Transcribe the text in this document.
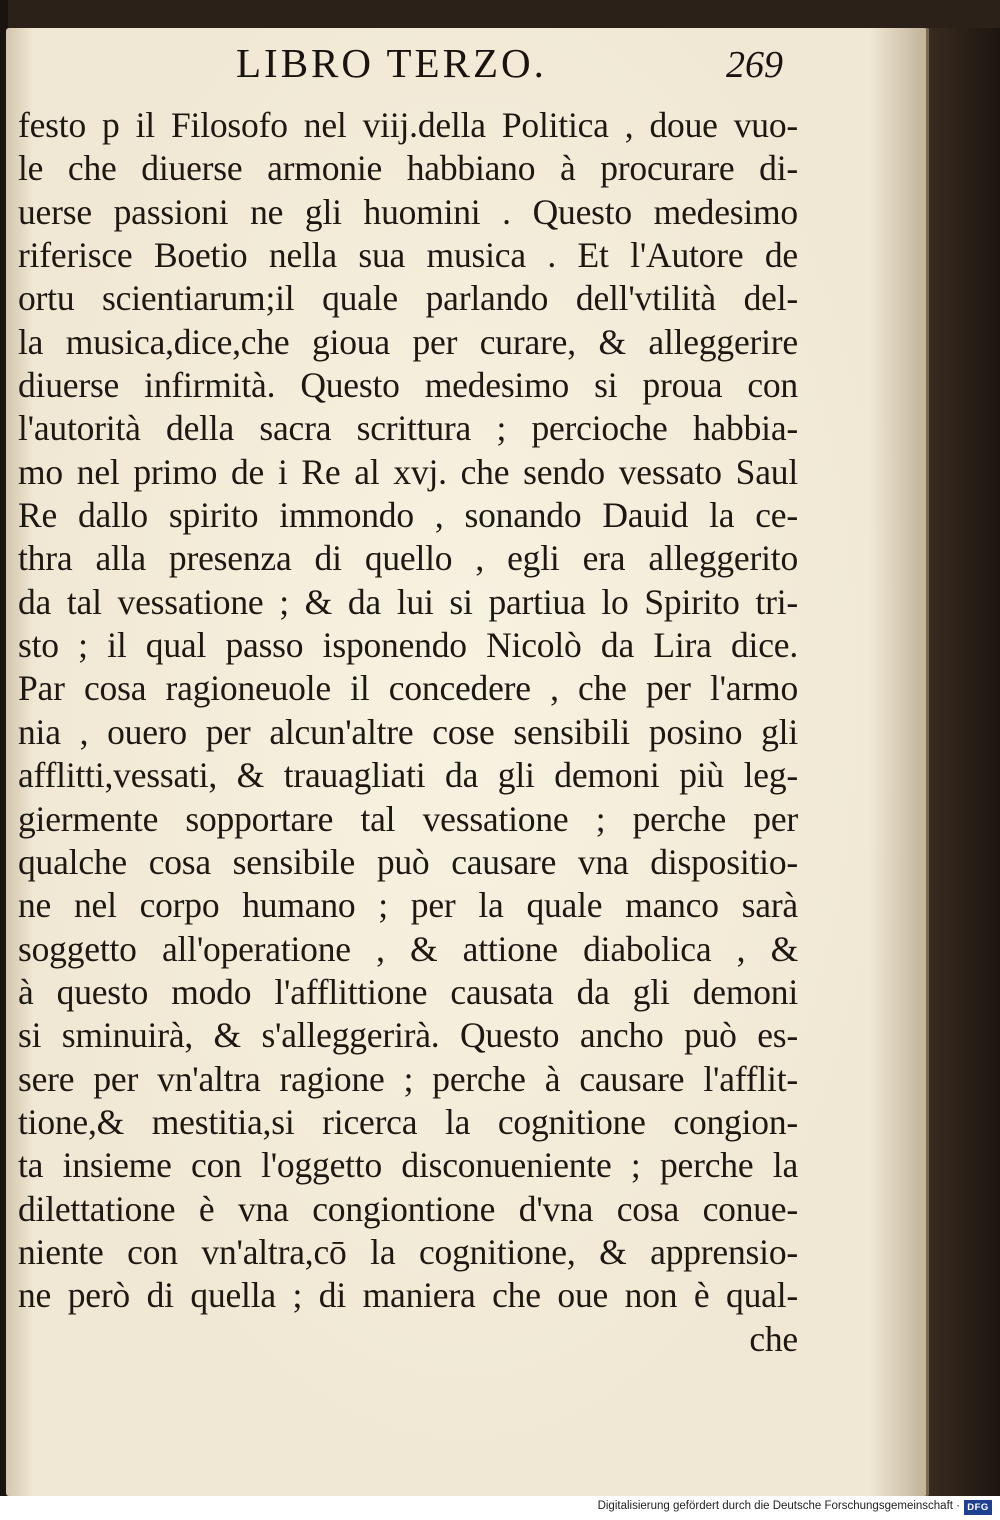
LIBRO TERZO.	269
festo p il Filosofo nel viij.della Politica , doue vuo-
le che diuerse armonie habbiano à procurare di-
uerse passioni ne gli huomini . Questo medesimo
riferisce Boetio nella sua musica . Et l'Autore de
ortu scientiarum;il quale parlando dell'vtilità del-
la musica,dice,che gioua per curare, & alleggerire
diuerse infirmità. Questo medesimo si proua con
l'autorità della sacra scrittura ; percioche habbia-
mo nel primo de i Re al xvj. che sendo vessato Saul
Re dallo spirito immondo , sonando Dauid la ce-
thra alla presenza di quello , egli era alleggerito
da tal vessatione ; & da lui si partiua lo Spirito tri-
sto ; il qual passo isponendo Nicolò da Lira dice.
Par cosa ragioneuole il concedere , che per l'armo
nia , ouero per alcun'altre cose sensibili posino gli
afflitti,vessati, & trauagliati da gli demoni più leg-
giermente sopportare tal vessatione ; perche per
qualche cosa sensibile può causare vna dispositio-
ne nel corpo humano ; per la quale manco sarà
soggetto all'operatione , & attione diabolica , &
à questo modo l'afflittione causata da gli demoni
si sminuirà, & s'alleggerirà. Questo ancho può es-
sere per vn'altra ragione ; perche à causare l'afflit-
tione,& mestitia,si ricerca la cognitione congion-
ta insieme con l'oggetto disconueniente ; perche la
dilettatione è vna congiontione d'vna cosa conue-
niente con vn'altra,cō la cognitione, & apprensio-
ne però di quella ; di maniera che oue non è qual-
che
Digitalisierung gefördert durch die Deutsche Forschungsgemeinschaft · DFG
